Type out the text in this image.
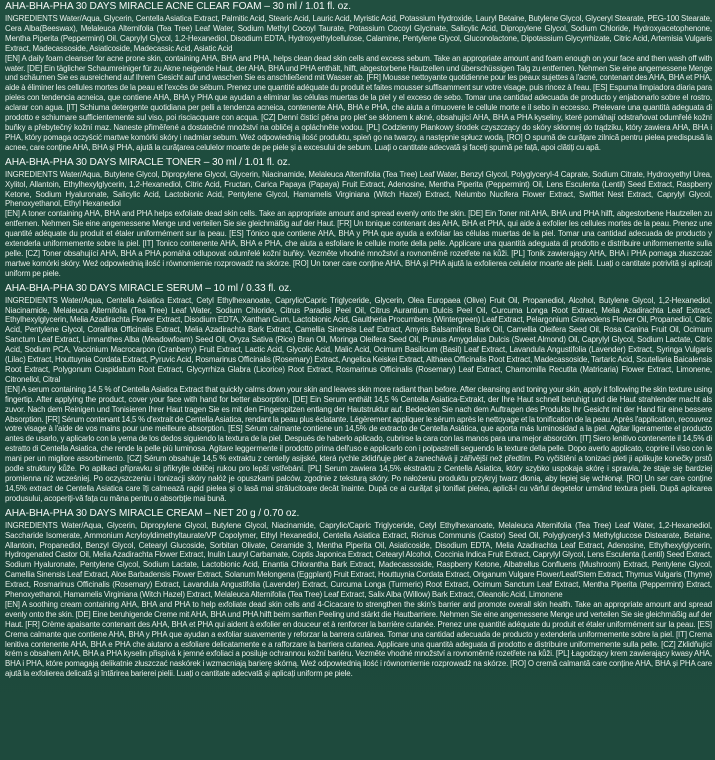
AHA-BHA-PHA 30 DAYS MIRACLE ACNE CLEAR FOAM – 30 ml / 1.01 fl. oz.

INGREDIENTS Water/Aqua, Glycerin, Centella Asiatica Extract, Palmitic Acid, Stearic Acid, Lauric Acid, Myristic Acid, Potassium Hydroxide, Lauryl Betaine, Butylene Glycol, Glyceryl Stearate, PEG-100 Stearate, Cera Alba(Beeswax), Melaleuca Alternifolia (Tea Tree) Leaf Water, Sodium Methyl Cocoyl Taurate, Potassium Cocoyl Glycinate, Salicylic Acid, Dipropylene Glycol, Sodium Chloride, Hydroxyacetophenone, Mentha Piperita (Peppermint) Oil, Caprylyl Glycol, 1,2-Hexanediol, Disodium EDTA, Hydroxyethylcellulose, Calamine, Pentylene Glycol, Gluconolactone, Dipotassium Glycyrrhizate, Citric Acid, Artemisia Vulgaris Extract, Madecassoside, Asiaticoside, Madecassic Acid, Asiatic Acid

[EN] A daily foam cleanser for acne prone skin, containing AHA, BHA and PHA, helps clean dead skin cells and excess sebum. Take an appropriate amount and foam enough on your face and then wash off with water. [DE] Ein täglicher Schaumreiniger für zu Akne neigende Haut, der AHA, BHA und PHA enthält, hilft, abgestorbene Hautzellen und überschüssigen Talg zu entfernen. Nehmen Sie eine angemessene Menge und schäumen Sie es ausreichend auf Ihrem Gesicht auf und waschen Sie es anschließend mit Wasser ab. [FR] Mousse nettoyante quotidienne pour les peaux sujettes à l'acné, contenant des AHA, BHA et PHA, aide à éliminer les cellules mortes de la peau et l'excès de sébum. Prenez une quantité adéquate du produit et faites mousser suffisamment sur votre visage, puis rincez à l'eau. [ES] Espuma limpiadora diaria para pieles con tendencia acneica, que contiene AHA, BHA y PHA que ayudan a eliminar las células muertas de la piel y el exceso de sebo. Tomar una cantidad adecuada de producto y enjabonarlo sobre el rostro, aclarar con agua. [IT] Schiuma detergente quotidiana per pelli a tendenza acneica, contenente AHA, BHA e PHA, che aiuta a rimuovere le cellule morte e il sebo in eccesso. Prelevare una quantità adeguata di prodotto e schiumare sufficientemente sul viso, poi risciacquare con acqua. [CZ] Denní čisticí pěna pro pleť se sklonem k akné, obsahující AHA, BHA a PHA kyseliny, které pomáhají odstraňovat odumřelé kožní buňky a přebytečný kožní maz. Naneste přiměřené a dostatečné množství na obličej a opláchněte vodou. [PL] Codzienny Piankowy środek czyszczący do skóry skłonnej do trądziku, który zawiera AHA, BHA i PHA, który pomaga oczyścić martwe komórki skóry i nadmiar sebum. Weź odpowiednią ilość produktu, spień go na twarzy, a następnie spłucz wodą. [RO] O spumă de curățare zilnică pentru pielea predispusă la acnee, care conține AHA, BHA și PHA, ajută la curățarea celulelor moarte de pe piele și a excesului de sebum. Luați o cantitate adecvată și faceți spumă pe față, apoi clătiți cu apă.

AHA-BHA-PHA 30 DAYS MIRACLE TONER – 30 ml / 1.01 fl. oz.

INGREDIENTS Water/Aqua, Butylene Glycol, Dipropylene Glycol, Glycerin, Niacinamide, Melaleuca Alternifolia (Tea Tree) Leaf Water, Benzyl Glycol, Polyglyceryl-4 Caprate, Sodium Citrate, Hydroxyethyl Urea, Xylitol, Allantoin, Ethylhexylglycerin, 1,2-Hexanediol, Citric Acid, Fructan, Carica Papaya (Papaya) Fruit Extract, Adenosine, Mentha Piperita (Peppermint) Oil, Lens Esculenta (Lentil) Seed Extract, Raspberry Ketone, Sodium Hyaluronate, Salicylic Acid, Lactobionic Acid, Pentylene Glycol, Hamamelis Virginiana (Witch Hazel) Extract, Nelumbo Nucifera Flower Extract, Swiftlet Nest Extract, Caprylyl Glycol, Phenoxyethanol, Ethyl Hexanediol

[EN] A toner containing AHA, BHA and PHA helps exfoliate dead skin cells. Take an appropriate amount and spread evenly onto the skin. [DE] Ein Toner mit AHA, BHA und PHA hilft, abgestorbene Hautzellen zu entfernen. Nehmen Sie eine angemessene Menge und verteilen Sie sie gleichmäßig auf der Haut. [FR] Un tonique contenant des AHA, BHA et PHA, qui aide à exfolier les cellules mortes de la peau. Prenez une quantité adéquate du produit et étaler uniformément sur la peau. [ES] Tónico que contiene AHA, BHA y PHA que ayuda a exfoliar las células muertas de la piel. Tomar una cantidad adecuada de producto y extenderla uniformemente sobre la piel. [IT] Tonico contenente AHA, BHA e PHA, che aiuta a esfoliare le cellule morte della pelle. Applicare una quantità adeguata di prodotto e distribuire uniformemente sulla pelle. [CZ] Toner obsahující AHA, BHA a PHA pomáhá odlupovat odumřelé kožní buňky. Vezměte vhodné množství a rovnoměrně rozetřete na kůži. [PL] Tonik zawierający AHA, BHA i PHA pomaga złuszczać martwe komórki skóry. Weź odpowiednią ilość i równomiernie rozprowadź na skórze. [RO] Un toner care conține AHA, BHA și PHA ajută la exfolierea celulelor moarte ale pielii. Luați o cantitate potrivită și aplicați uniform pe piele.

AHA-BHA-PHA 30 DAYS MIRACLE SERUM – 10 ml / 0.33 fl. oz.

INGREDIENTS Water/Aqua, Centella Asiatica Extract, Cetyl Ethylhexanoate, Caprylic/Capric Triglyceride, Glycerin, Olea Europaea (Olive) Fruit Oil, Propanediol, Alcohol, Butylene Glycol, 1,2-Hexanediol, Niacinamide, Melaleuca Alternifolia (Tea Tree) Leaf Water, Sodium Chloride, Citrus Paradisi Peel Oil, Citrus Aurantium Dulcis Peel Oil, Curcuma Longa Root Extract, Melia Azadirachta Leaf Extract, Ethylhexylglycerin, Melia Azadirachta Flower Extract, Disodium EDTA, Xanthan Gum, Lactobionic Acid, Gaultheria Procumbens (Wintergreen) Leaf Extract, Pelargonium Graveolens Flower Oil, Propanediol, Citric Acid, Pentylene Glycol, Corallina Officinalis Extract, Melia Azadirachta Bark Extract, Camellia Sinensis Leaf Extract, Amyris Balsamifera Bark Oil, Camellia Oleifera Seed Oil, Rosa Canina Fruit Oil, Ocimum Sanctum Leaf Extract, Limnanthes Alba (Meadowfoam) Seed Oil, Oryza Sativa (Rice) Bran Oil, Moringa Oleifera Seed Oil, Prunus Amygdalus Dulcis (Sweet Almond) Oil, Caprylyl Glycol, Sodium Lactate, Citric Acid, Sodium PCA, Vaccinium Macrocarpon (Cranberry) Fruit Extract, Lactic Acid, Glycolic Acid, Malic Acid, Ocimum Basilicum (Basil) Leaf Extract, Lavandula Angustifolia (Lavender) Extract, Syringa Vulgaris (Lilac) Extract, Houttuynia Cordata Extract, Pyruvic Acid, Rosmarinus Officinalis (Rosemary) Extract, Angelica Keiskei Extract, Althaea Officinalis Root Extract, Madecassoside, Tartaric Acid, Scutellaria Baicalensis Root Extract, Polygonum Cuspidatum Root Extract, Glycyrrhiza Glabra (Licorice) Root Extract, Rosmarinus Officinalis (Rosemary) Leaf Extract, Chamomilla Recutita (Matricaria) Flower Extract, Limonene, Citronellol, Citral

[EN] A serum containing 14.5 % of Centella Asiatica Extract that quickly calms down your skin and leaves skin more radiant than before. After cleansing and toning your skin, apply it following the skin texture using fingertip. After applying the product, cover your face with hand for better absorption. [DE] Ein Serum enthält 14,5 % Centella Asiatica-Extrakt, der Ihre Haut schnell beruhigt und die Haut strahlender macht als zuvor. Nach dem Reinigen und Tonisieren Ihrer Haut tragen Sie es mit den Fingerspitzen entlang der Hautstruktur auf. Bedecken Sie nach dem Auftragen des Produkts Ihr Gesicht mit der Hand für eine bessere Absorption. [FR] Sérum contenant 14,5 % d'extrait de Centella Asiatica, rendant la peau plus éclatante. Légèrement appliquer le sérum après le nettoyage et la tonification de la peau. Après l'application, recouvrez votre visage à l'aide de vos mains pour une meilleure absorption. [ES] Sérum calmante contiene un 14,5% de extracto de Centella Asiática, que aporta más luminosidad a la piel. Agitar ligeramente el producto antes de usarlo, y aplicarlo con la yema de los dedos siguiendo la textura de la piel. Después de haberlo aplicado, cubrirse la cara con las manos para una mejor absorción. [IT] Siero lenitivo contenente il 14,5% di estratto di Centella Asiatica, che rende la pelle più luminosa. Agitare leggermente il prodotto prima dell'uso e applicarlo con i polpastrelli seguendo la texture della pelle. Dopo averlo applicato, coprire il viso con le mani per un migliore assorbimento. [CZ] Sérum obsahuje 14,5 % extraktu z centelly asijské, která rychle zklidňuje pleť a zanechává ji zářivější než předtím. Po vyčištění a tonizaci pleti ji aplikujte konečky prstů podle struktury kůže. Po aplikaci přípravku si přikryjte obličej rukou pro lepší vstřebání. [PL] Serum zawiera 14,5% ekstraktu z Centella Asiatica, który szybko uspokaja skórę i sprawia, że staje się bardziej promienna niż wcześniej. Po oczyszczeniu i tonizacji skóry nałóż je opuszkami palców, zgodnie z teksturą skóry. Po nałożeniu produktu przykryj twarz dłonią, aby lepiej się wchłonął. [RO] Un ser care conține 14,5% extract de Centella Asiatica care îți calmează rapid pielea și o lasă mai strălucitoare decât înainte. După ce ai curățat și tonifiat pielea, aplică-l cu vârful degetelor urmând textura pielii. După aplicarea produsului, acoperiți-vă fața cu mâna pentru o absorbție mai bună.

AHA-BHA-PHA 30 DAYS MIRACLE CREAM – NET 20 g / 0.70 oz.

INGREDIENTS Water/Aqua, Glycerin, Dipropylene Glycol, Butylene Glycol, Niacinamide, Caprylic/Capric Triglyceride, Cetyl Ethylhexanoate, Melaleuca Alternifolia (Tea Tree) Leaf Water, 1,2-Hexanediol, Saccharide Isomerate, Ammonium Acryloyldimethyltaurate/VP Copolymer, Ethyl Hexanediol, Centella Asiatica Extract, Ricinus Communis (Castor) Seed Oil, Polyglyceryl-3 Methylglucose Distearate, Betaine, Allantoin, Propanediol, Benzyl Glycol, Cetearyl Glucoside, Sorbitan Olivate, Ceramide 3, Mentha Piperita Oil, Asiaticoside, Disodium EDTA, Melia Azadirachta Leaf Extract, Adenosine, Ethylhexylglycerin, Hydrogenated Castor Oil, Melia Azadirachta Flower Extract, Inulin Lauryl Carbamate, Coptis Japonica Extract, Cetearyl Alcohol, Coccinia Indica Fruit Extract, Caprylyl Glycol, Lens Esculenta (Lentil) Seed Extract, Sodium Hyaluronate, Pentylene Glycol, Sodium Lactate, Lactobionic Acid, Enantia Chlorantha Bark Extract, Madecassoside, Raspberry Ketone, Albatrellus Confluens (Mushroom) Extract, Pentylene Glycol, Camellia Sinensis Leaf Extract, Aloe Barbadensis Flower Extract, Solanum Melongena (Eggplant) Fruit Extract, Houttuynia Cordata Extract, Origanum Vulgare Flower/Leaf/Stem Extract, Thymus Vulgaris (Thyme) Extract, Rosmarinus Officinalis (Rosemary) Extract, Lavandula Angustifolia (Lavender) Extract, Curcuma Longa (Turmeric) Root Extract, Ocimum Sanctum Leaf Extract, Mentha Piperita (Peppermint) Extract, Phenoxyethanol, Hamamelis Virginiana (Witch Hazel) Extract, Melaleuca Alternifolia (Tea Tree) Leaf Extract, Salix Alba (Willow) Bark Extract, Oleanolic Acid, Limonene

[EN] A soothing cream containing AHA, BHA and PHA to help exfoliate dead skin cells and 4-Cicacare to strengthen the skin's barrier and promote overall skin health. Take an appropriate amount and spread evenly onto the skin. [DE] Eine beruhigende Creme mit AHA, BHA und PHA hilft beim sanften Peeling und stärkt die Hautbarriere. Nehmen Sie eine angemessene Menge und verteilen Sie sie gleichmäßig auf der Haut. [FR] Crème apaisante contenant des AHA, BHA et PHA qui aident à exfolier en douceur et à renforcer la barrière cutanée. Prenez une quantité adéquate du produit et étaler uniformément sur la peau. [ES] Crema calmante que contiene AHA, BHA y PHA que ayudan a exfoliar suavemente y reforzar la barrera cutánea. Tomar una cantidad adecuada de producto y extenderla uniformemente sobre la piel. [IT] Crema lenitiva contenente AHA, BHA e PHA che aiutano a esfoliare delicatamente e a rafforzare la barriera cutanea. Applicare una quantità adeguata di prodotto e distribuire uniformemente sulla pelle. [CZ] Zklidňující krém s obsahem AHA, BHA a PHA kyselin přispívá k jemné exfoliaci a posiluje ochrannou kožní bariéru. Vezměte vhodné množství a rovnoměrně rozetřete na kůži. [PL] Łagodzący krem zawierający kwasy AHA, BHA i PHA, które pomagają delikatnie złuszczać naskórek i wzmacniają barierę skórną. Weź odpowiednią ilość i równomiernie rozprowadź na skórze. [RO] O cremă calmantă care conține AHA, BHA și PHA care ajută la exfolierea delicată și întărirea barierei pielii. Luați o cantitate adecvată și aplicați uniform pe piele.
